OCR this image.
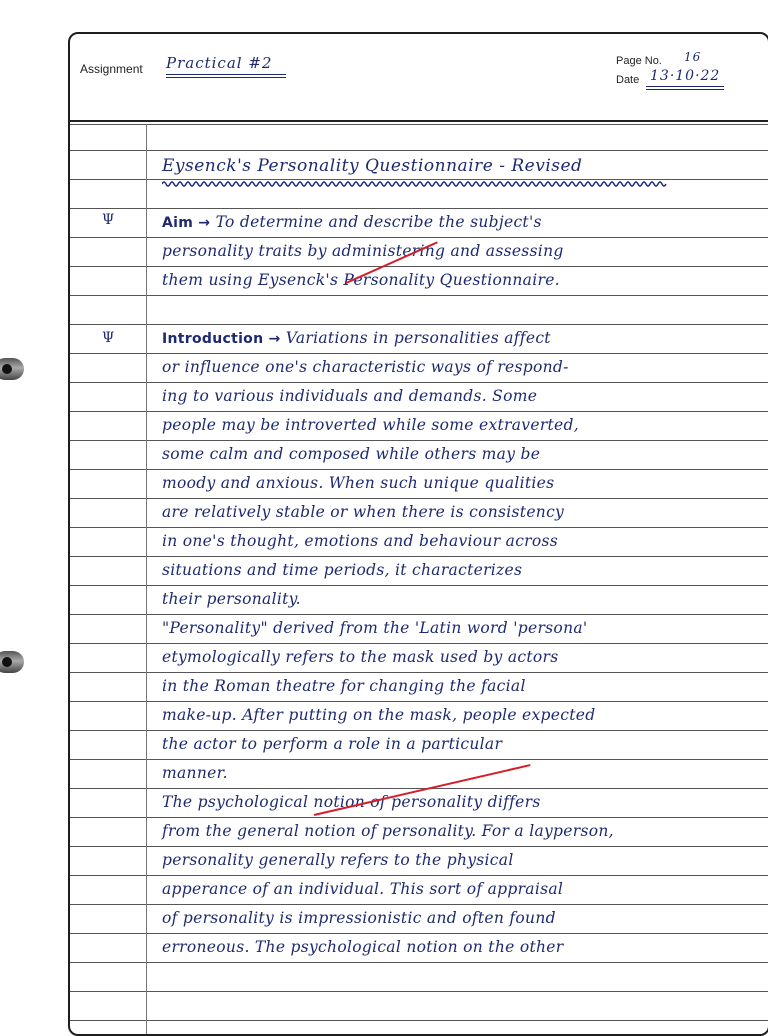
Assignment Practical #2	Page No. 16
Date 13·10·22
Eysenck's Personality Questionnaire - Revised
Ψ
Ψ
Aim → To determine and describe the subject's
personality traits by administering and assessing
them using Eysenck's Personality Questionnaire.
Introduction → Variations in personalities affect
or influence one's characteristic ways of respond-
ing to various individuals and demands. Some
people may be introverted while some extraverted,
some calm and composed while others may be
moody and anxious. When such unique qualities
are relatively stable or when there is consistency
in one's thought, emotions and behaviour across
situations and time periods, it characterizes
their personality.
"Personality" derived from the 'Latin word 'persona'
etymologically refers to the mask used by actors
in the Roman theatre for changing the facial
make-up. After putting on the mask, people expected
the actor to perform a role in a particular
manner.
The psychological notion of personality differs
from the general notion of personality. For a layperson,
personality generally refers to the physical
apperance of an individual. This sort of appraisal
of personality is impressionistic and often found
erroneous. The psychological notion on the other
